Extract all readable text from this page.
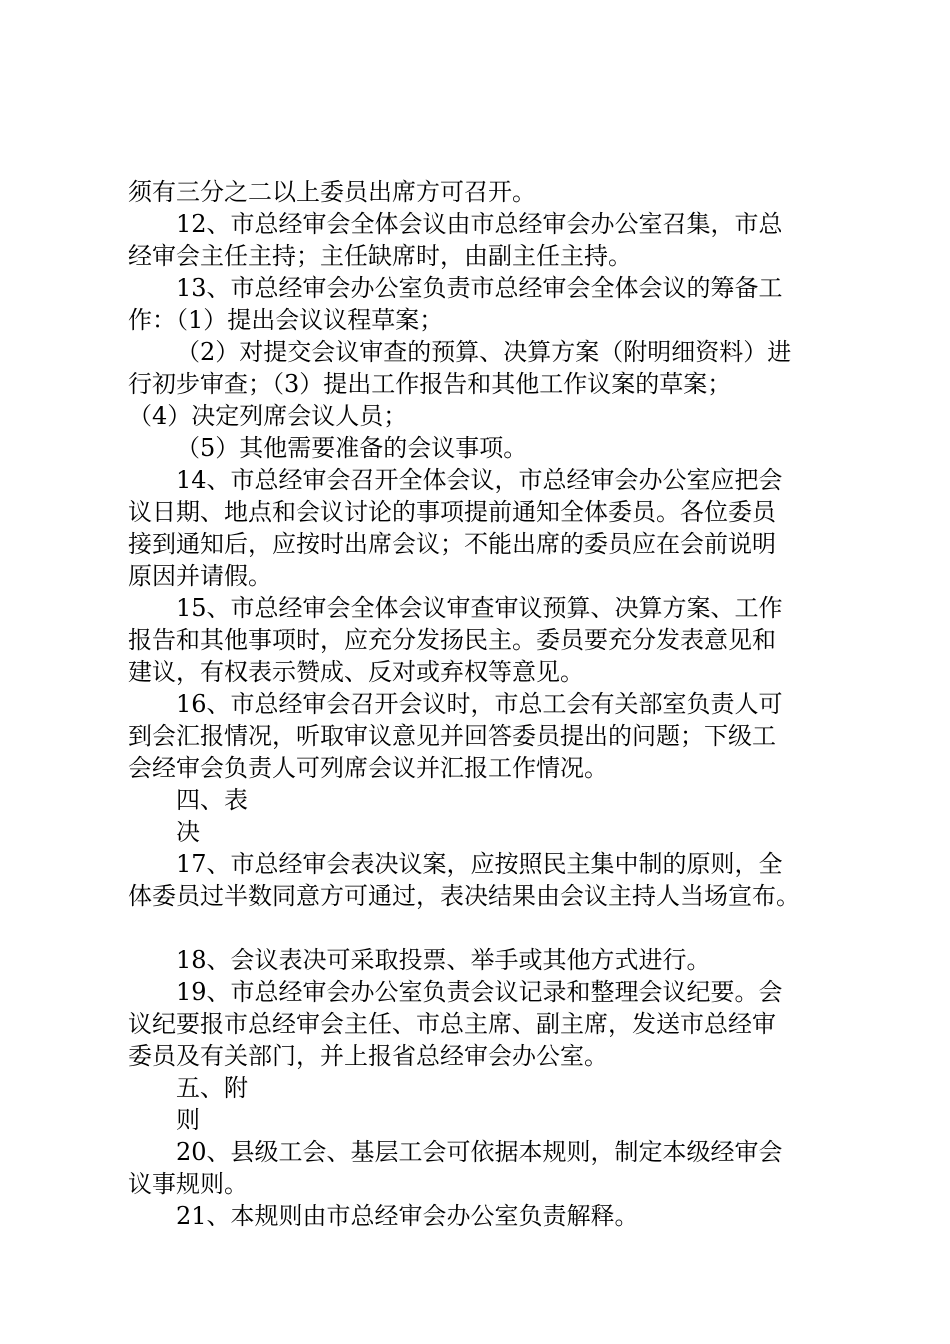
须有三分之二以上委员出席方可召开。
12、市总经审会全体会议由市总经审会办公室召集，市总
经审会主任主持；主任缺席时，由副主任主持。
13、市总经审会办公室负责市总经审会全体会议的筹备工
作：（1）提出会议议程草案；
（2）对提交会议审查的预算、决算方案（附明细资料）进
行初步审查；（3）提出工作报告和其他工作议案的草案；
（4）决定列席会议人员；
（5）其他需要准备的会议事项。
14、市总经审会召开全体会议，市总经审会办公室应把会
议日期、地点和会议讨论的事项提前通知全体委员。各位委员
接到通知后，应按时出席会议；不能出席的委员应在会前说明
原因并请假。
15、市总经审会全体会议审查审议预算、决算方案、工作
报告和其他事项时，应充分发扬民主。委员要充分发表意见和
建议，有权表示赞成、反对或弃权等意见。
16、市总经审会召开会议时，市总工会有关部室负责人可
到会汇报情况，听取审议意见并回答委员提出的问题；下级工
会经审会负责人可列席会议并汇报工作情况。
四、表
决
17、市总经审会表决议案，应按照民主集中制的原则，全
体委员过半数同意方可通过，表决结果由会议主持人当场宣布。
18、会议表决可采取投票、举手或其他方式进行。
19、市总经审会办公室负责会议记录和整理会议纪要。会
议纪要报市总经审会主任、市总主席、副主席，发送市总经审
委员及有关部门，并上报省总经审会办公室。
五、附
则
20、县级工会、基层工会可依据本规则，制定本级经审会
议事规则。
21、本规则由市总经审会办公室负责解释。
